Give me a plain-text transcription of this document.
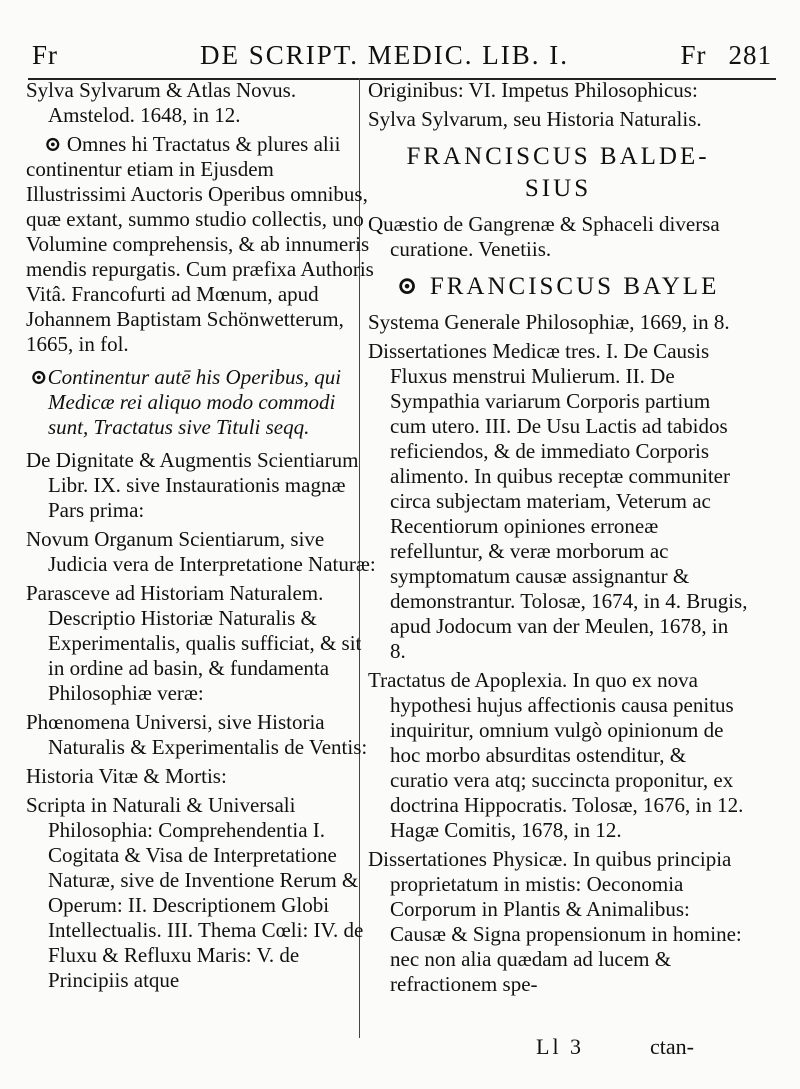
Fr	DE SCRIPT. MEDIC. LIB. I.	Fr 281

Sylva Sylvarum & Atlas Novus. Amstelod. 1648, in 12.

⊙ Omnes hi Tractatus & plures alii continentur etiam in Ejusdem Illustrissimi Auctoris Operibus omnibus, quæ extant, summo studio collectis, uno Volumine comprehensis, & ab innumeris mendis repurgatis. Cum præfixa Authoris Vitâ. Francofurti ad Mœnum, apud Johannem Baptistam Schönwetterum, 1665, in fol.

⊙Continentur autē his Operibus, qui Medicæ rei aliquo modo commodi sunt, Tractatus sive Tituli seqq.

De Dignitate & Augmentis Scientiarum Libr. IX. sive Instaurationis magnæ Pars prima:

Novum Organum Scientiarum, sive Judicia vera de Interpretatione Naturæ:

Parasceve ad Historiam Naturalem. Descriptio Historiæ Naturalis & Experimentalis, qualis sufficiat, & sit in ordine ad basin, & fundamenta Philosophiæ veræ:

Phœnomena Universi, sive Historia Naturalis & Experimentalis de Ventis:

Historia Vitæ & Mortis:

Scripta in Naturali & Universali Philosophia: Comprehendentia I. Cogitata & Visa de Interpretatione Naturæ, sive de Inventione Rerum & Operum: II. Descriptionem Globi Intellectualis. III. Thema Cœli: IV. de Fluxu & Refluxu Maris: V. de Principiis atque

Originibus: VI. Impetus Philosophicus:

Sylva Sylvarum, seu Historia Naturalis.

FRANCISCUS BALDE-
SIUS

Quæstio de Gangrenæ & Sphaceli diversa curatione. Venetiis.

⊙ FRANCISCUS BAYLE

Systema Generale Philosophiæ, 1669, in 8.

Dissertationes Medicæ tres. I. De Causis Fluxus menstrui Mulierum. II. De Sympathia variarum Corporis partium cum utero. III. De Usu Lactis ad tabidos reficiendos, & de immediato Corporis alimento. In quibus receptæ communiter circa subjectam materiam, Veterum ac Recentiorum opiniones erroneæ refelluntur, & veræ morborum ac symptomatum causæ assignantur & demonstrantur. Tolosæ, 1674, in 4. Brugis, apud Jodocum van der Meulen, 1678, in 8.

Tractatus de Apoplexia. In quo ex nova hypothesi hujus affectionis causa penitus inquiritur, omnium vulgò opinionum de hoc morbo absurditas ostenditur, & curatio vera atq; succincta proponitur, ex doctrina Hippocratis. Tolosæ, 1676, in 12. Hagæ Comitis, 1678, in 12.

Dissertationes Physicæ. In quibus principia proprietatum in mistis: Oeconomia Corporum in Plantis & Animalibus: Causæ & Signa propensionum in homine: nec non alia quædam ad lucem & refractionem spe-

Ll 3	ctan-
